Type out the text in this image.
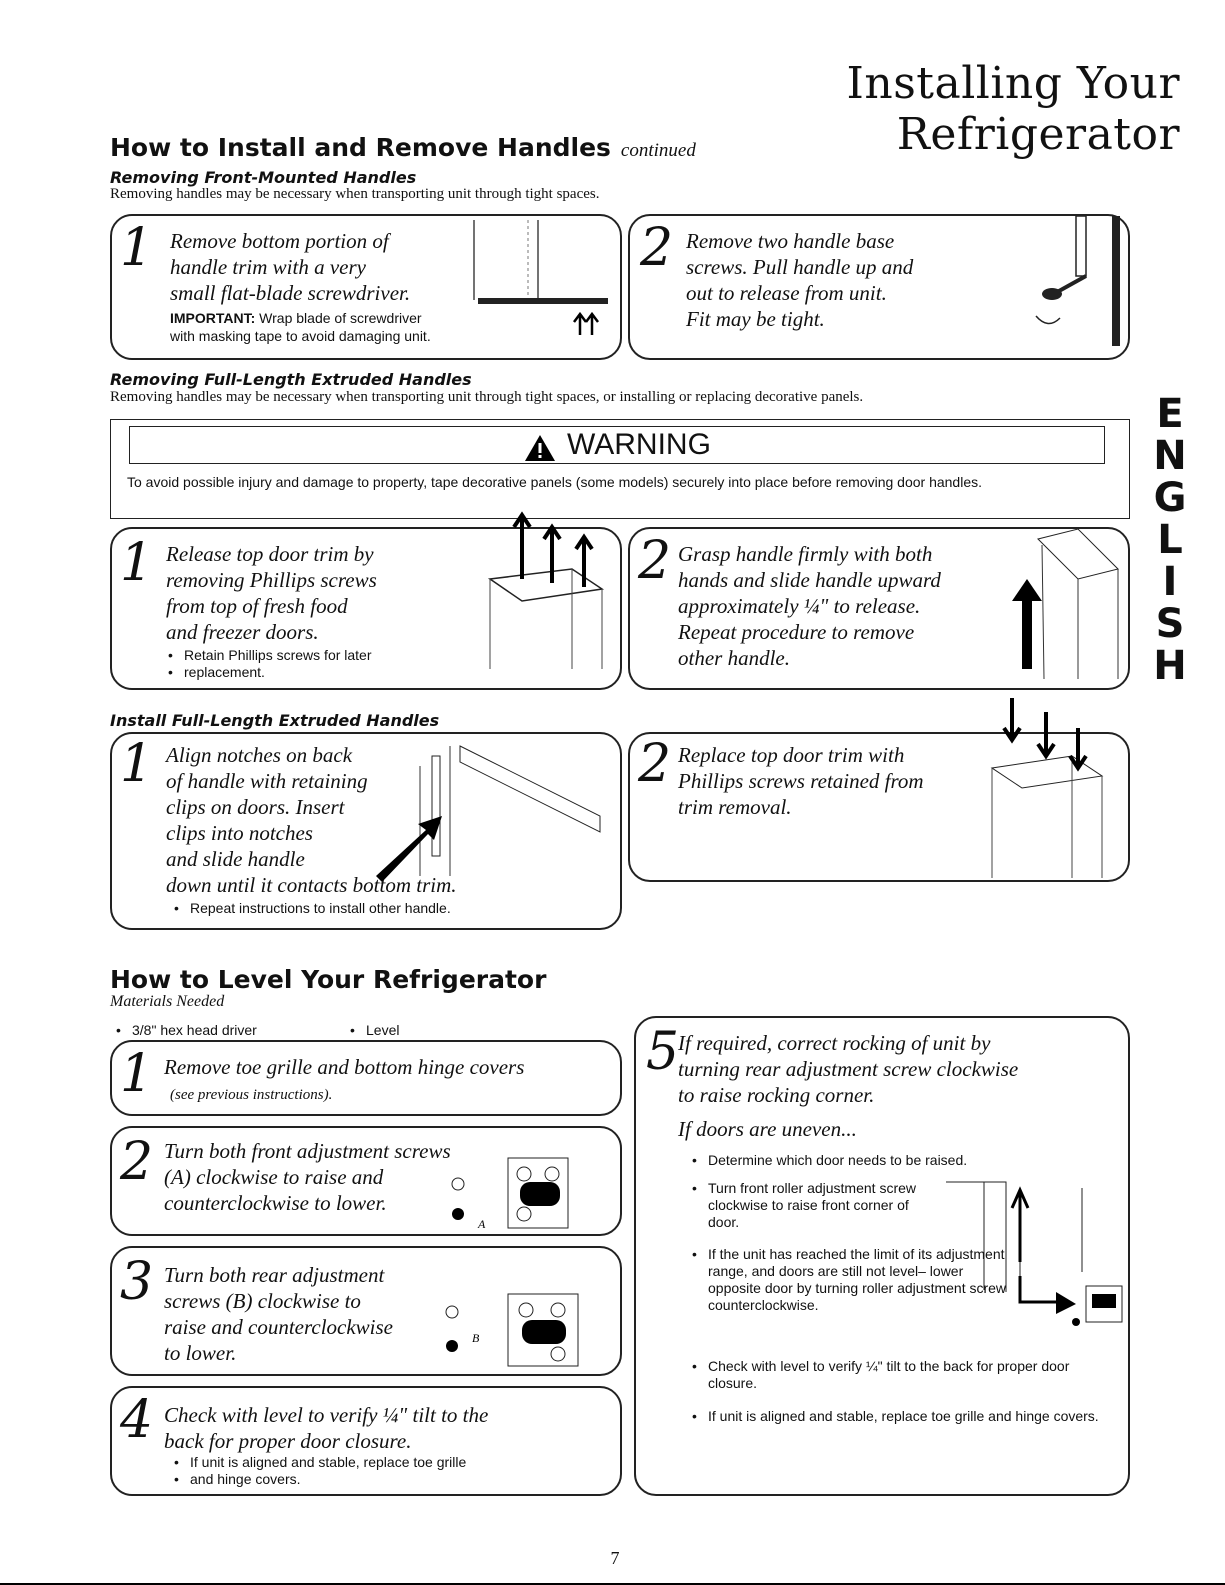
Installing Your Refrigerator
E
N
G
L
I
S
H
How to Install and Remove Handles continued
Removing Front-Mounted Handles
Removing handles may be necessary when transporting unit through tight spaces.
1 Remove bottom portion of
handle trim with a very
small flat-blade screwdriver.
IMPORTANT: Wrap blade of screwdriver
with masking tape to avoid damaging unit.
2 Remove two handle base
screws. Pull handle up and
out to release from unit.
Fit may be tight.
Removing Full-Length Extruded Handles
Removing handles may be necessary when transporting unit through tight spaces, or installing or replacing decorative panels.
WARNING
To avoid possible injury and damage to property, tape decorative panels (some models) securely into place before removing door handles.
1 Release top door trim by
removing Phillips screws
from top of fresh food
and freezer doors.
• Retain Phillips screws for later
• replacement.
2 Grasp handle firmly with both
hands and slide handle upward
approximately ¼" to release.
Repeat procedure to remove
other handle.
Install Full-Length Extruded Handles
1 Align notches on back
of handle with retaining
clips on doors. Insert
clips into notches
and slide handle
down until it contacts bottom trim.
• Repeat instructions to install other handle.
2 Replace top door trim with
Phillips screws retained from
trim removal.
How to Level Your Refrigerator
Materials Needed
• 3/8" hex head driver
•	Level
1 Remove toe grille and bottom hinge covers
(see previous instructions).
2 Turn both front adjustment screws
(A) clockwise to raise and
counterclockwise to lower.
A
3 Turn both rear adjustment
screws (B) clockwise to
raise and counterclockwise
to lower.
B
4 Check with level to verify ¼" tilt to the
back for proper door closure.
• If unit is aligned and stable, replace toe grille
• and hinge covers.
5
If required, correct rocking of unit by
turning rear adjustment screw clockwise
to raise rocking corner.
If doors are uneven...
• Determine which door needs to be raised.
• Turn front roller adjustment screw clockwise to raise front corner of door.
• If the unit has reached the limit of its adjustment range, and doors are still not level– lower opposite door by turning roller adjustment screw counterclockwise.
• Check with level to verify ¼" tilt to the back for proper door closure.
• If unit is aligned and stable, replace toe grille and hinge covers.
7
